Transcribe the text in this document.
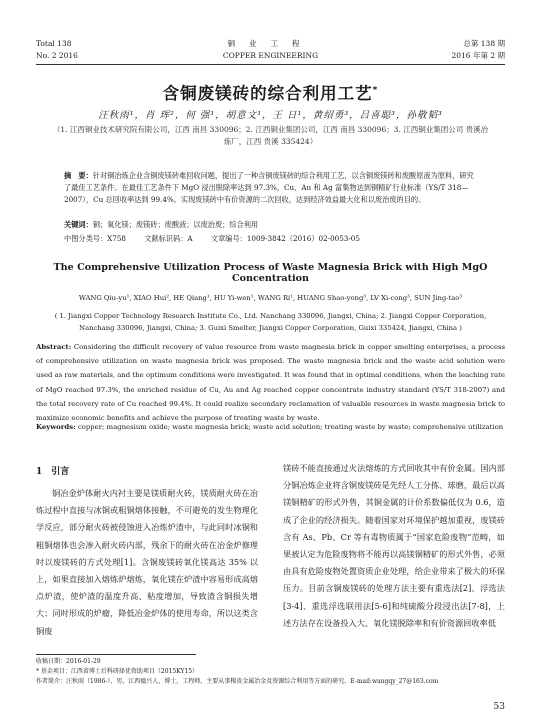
Total 138
No. 2 2016
铜业工程
COPPER ENGINEERING
总第 138 期
2016 年第 2 期
含铜废镁砖的综合利用工艺*
汪秋雨¹，肖 珲²，何 强¹，胡意文¹，王 日¹，黄绍勇³，吕喜聪³，孙敬韬³
（1. 江西铜业技术研究院有限公司，江西 南昌 330096；2. 江西铜业集团公司，江西 南昌 330096；3. 江西铜业集团公司 贵溪冶炼厂，江西 贵溪 335424）
摘　要：针对铜冶炼企业含铜废镁砖难回收问题，提出了一种含铜废镁砖的综合利用工艺，以含铜废镁砖和废酸原液为原料，研究了最佳工艺条件。在最佳工艺条件下 MgO 浸出脱除率达到 97.3%，Cu、Au 和 Ag 富集物达到铜精矿行业标准（YS/T 318—2007），Cu 总回收率达到 99.4%。实现废镁砖中有价资源的二次回收，达到经济效益最大化和以废治废的目的。
关键词：铜；氧化镁；废镁砖；废酸液；以废治废；综合利用
中图分类号：X758	文献标识码：A	文章编号：1009-3842（2016）02-0053-05
The Comprehensive Utilization Process of Waste Magnesia Brick with High MgO Concentration
WANG Qiu-yu¹, XIAO Hui², HE Qiang¹, HU Yi-wen¹, WANG Ri¹, HUANG Shao-yong³, LV Xi-cong³, SUN Jing-tao³
( 1. Jiangxi Copper Technology Research Institute Co., Ltd. Nanchang 330096, Jiangxi, China; 2. Jiangxi Copper Corporation, Nanchang 330096, Jiangxi, China; 3. Guixi Smelter, Jiangxi Copper Corporation, Guixi 335424, Jiangxi, China )
Abstract: Considering the difficult recovery of value resource from waste magnesia brick in copper smelting enterprises, a process of comprehensive utilization on waste magnesia brick was proposed. The waste magnesia brick and the waste acid solution were used as raw materials, and the optimum conditions were investigated. It was found that in optimal conditions, when the leaching rate of MgO reached 97.3%, the enriched residue of Cu, Au and Ag reached copper concentrate industry standard (YS/T 318-2007) and the total recovery rate of Cu reached 99.4%. It could realize secondary reclamation of valuable resources in waste magnesia brick to maximize economic benefits and achieve the purpose of treating waste by waste.
Keywords: copper; magnesium oxide; waste magnesia brick; waste acid solution; treating waste by waste; comprehensive utilization
1　引言
铜冶金炉体耐火内衬主要是镁质耐火砖，镁质耐火砖在冶炼过程中直接与冰铜或粗铜熔体接触，不可避免的发生物理化学反应，部分耐火砖被侵蚀进入冶炼炉渣中，与此同时冰铜和粗铜熔体也会渗入耐火砖内部，残余下的耐火砖在冶金炉修理时以废镁砖的方式处理[1]。含铜废镁砖氧化镁高达 35% 以上，如果直接加入熔炼炉熔炼，氧化镁在炉渣中容易形成高熔点炉渣，使炉渣的温度升高、粘度增加，导致渣含铜损失增大；同时形成的炉瘤，降低冶金炉体的使用寿命，所以这类含铜废
镁砖不能直接通过火法熔炼的方式回收其中有价金属。国内部分铜冶炼企业将含铜废镁砖是先经人工分拣、球磨，最后以高镁铜精矿的形式外售，其铜金属的计价系数偏低仅为 0.6，造成了企业的经济损失。随着国家对环境保护越加重视，废镁砖含有 As、Pb、Cr 等有毒物质属于“国家危险废物”范畴，如果被认定为危险废物将不能再以高镁铜精矿的形式外售，必须由具有危险废物处置资质企业处理，给企业带来了极大的环保压力。目前含铜废镁砖的处理方法主要有重选法[2]、浮选法[3-4]、重选浮选联用法[5-6]和纯硫酸分段浸出法[7-8]，上述方法存在设备投入大、氧化镁脱除率和有价资源回收率低
收稿日期：2016-01-29
* 基金项目：江西省博士后科研择优资助项目（2015KY15）
作者简介：汪秋雨（1986-），男，江西德兴人，博士，工程师，主要从事稀贵金属冶金及资源综合利用等方面的研究。E-mail:wangqy_27@163.com
53
